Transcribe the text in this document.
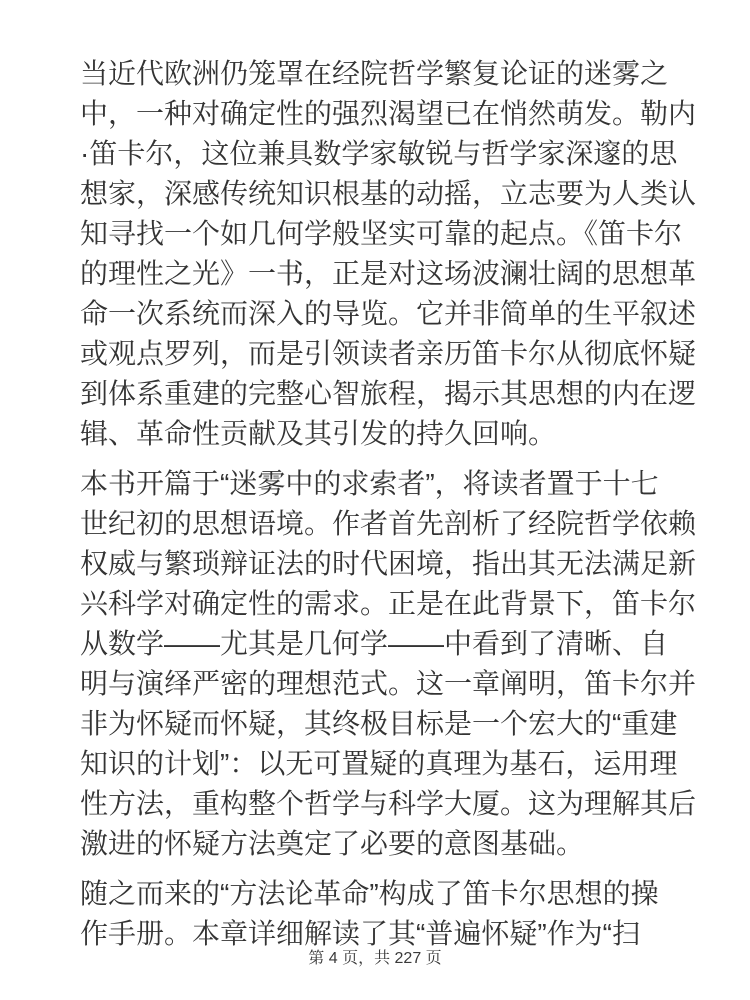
当近代欧洲仍笼罩在经院哲学繁复论证的迷雾之
中，一种对确定性的强烈渴望已在悄然萌发。勒内
·笛卡尔，这位兼具数学家敏锐与哲学家深邃的思
想家，深感传统知识根基的动摇，立志要为人类认
知寻找一个如几何学般坚实可靠的起点。《笛卡尔
的理性之光》一书，正是对这场波澜壮阔的思想革
命一次系统而深入的导览。它并非简单的生平叙述
或观点罗列，而是引领读者亲历笛卡尔从彻底怀疑
到体系重建的完整心智旅程，揭示其思想的内在逻
辑、革命性贡献及其引发的持久回响。
本书开篇于“迷雾中的求索者”，将读者置于十七
世纪初的思想语境。作者首先剖析了经院哲学依赖
权威与繁琐辩证法的时代困境，指出其无法满足新
兴科学对确定性的需求。正是在此背景下，笛卡尔
从数学——尤其是几何学——中看到了清晰、自
明与演绎严密的理想范式。这一章阐明，笛卡尔并
非为怀疑而怀疑，其终极目标是一个宏大的“重建
知识的计划”：以无可置疑的真理为基石，运用理
性方法，重构整个哲学与科学大厦。这为理解其后
激进的怀疑方法奠定了必要的意图基础。
随之而来的“方法论革命”构成了笛卡尔思想的操
作手册。本章详细解读了其“普遍怀疑”作为“扫
第 4 页，共 227 页
